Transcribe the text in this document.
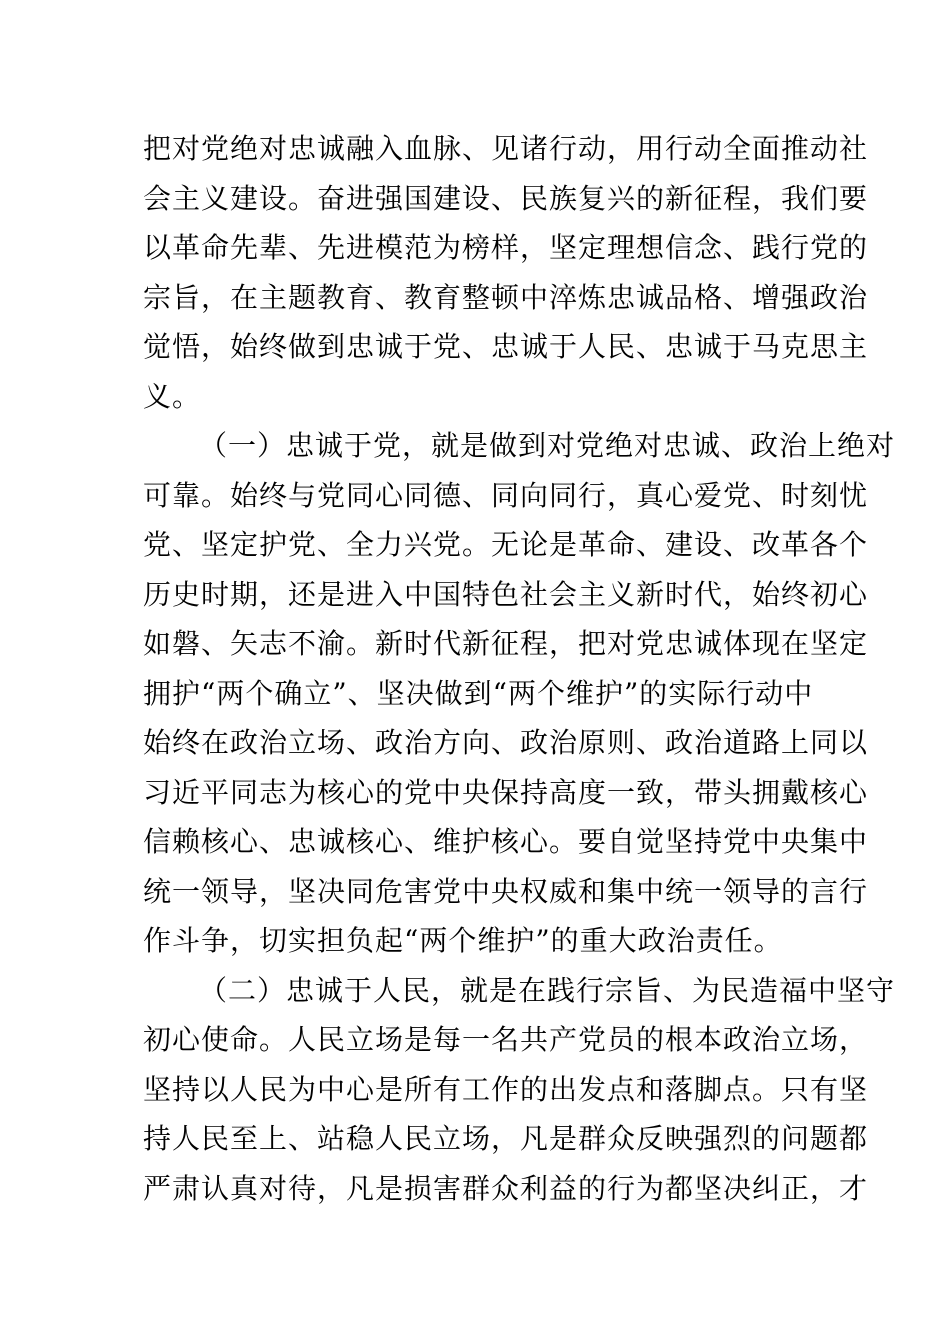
把对党绝对忠诚融入血脉、见诸行动，用行动全面推动社
会主义建设。奋进强国建设、民族复兴的新征程，我们要
以革命先辈、先进模范为榜样，坚定理想信念、践行党的
宗旨，在主题教育、教育整顿中淬炼忠诚品格、增强政治
觉悟，始终做到忠诚于党、忠诚于人民、忠诚于马克思主
义。
（一）忠诚于党，就是做到对党绝对忠诚、政治上绝对
可靠。始终与党同心同德、同向同行，真心爱党、时刻忧
党、坚定护党、全力兴党。无论是革命、建设、改革各个
历史时期，还是进入中国特色社会主义新时代，始终初心
如磐、矢志不渝。新时代新征程，把对党忠诚体现在坚定
拥护“两个确立”、坚决做到“两个维护”的实际行动中
始终在政治立场、政治方向、政治原则、政治道路上同以
习近平同志为核心的党中央保持高度一致，带头拥戴核心
信赖核心、忠诚核心、维护核心。要自觉坚持党中央集中
统一领导，坚决同危害党中央权威和集中统一领导的言行
作斗争，切实担负起“两个维护”的重大政治责任。
（二）忠诚于人民，就是在践行宗旨、为民造福中坚守
初心使命。人民立场是每一名共产党员的根本政治立场，
坚持以人民为中心是所有工作的出发点和落脚点。只有坚
持人民至上、站稳人民立场，凡是群众反映强烈的问题都
严肃认真对待，凡是损害群众利益的行为都坚决纠正，才
